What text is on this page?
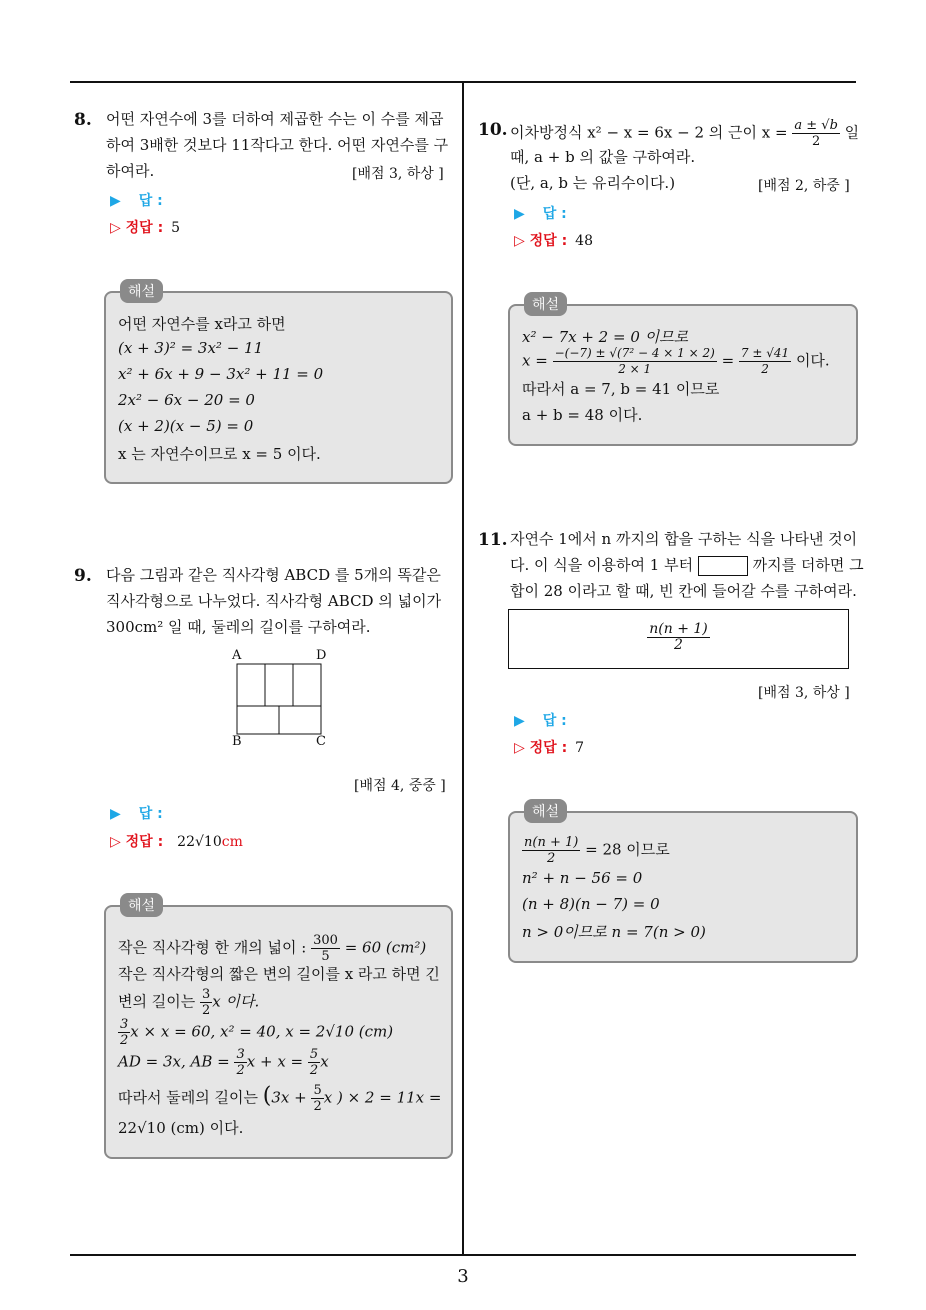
3
8. 어떤 자연수에 3를 더하여 제곱한 수는 이 수를 제곱
하여 3배한 것보다 11작다고 한다. 어떤 자연수를 구
하여라.	[배점 3, 하상 ]
▶ 답 :
▷ 정답 : 5
해설
어떤 자연수를 x라고 하면
(x + 3)² = 3x² − 11
x² + 6x + 9 − 3x² + 11 = 0
2x² − 6x − 20 = 0
(x + 2)(x − 5) = 0
x 는 자연수이므로 x = 5 이다.
9. 다음 그림과 같은 직사각형 ABCD 를 5개의 똑같은
직사각형으로 나누었다. 직사각형 ABCD 의 넓이가
300cm² 일 때, 둘레의 길이를 구하여라.
A	D
B	C
[배점 4, 중중 ]
▶ 답 :
▷ 정답 : 22√10cm
해설
작은 직사각형 한 개의 넓이 : $\frac{300}{5} = 60$ (cm²)
작은 직사각형의 짧은 변의 길이를 x 라고 하면 긴
변의 길이는 $\frac{3}{2}$ x 이다.
$\frac{3}{2}$ x × x = 60, x² = 40, x = 2√10 (cm)
AD = 3x, AB = $\frac{3}{2}$ $x + x = \frac{5}{2}$ x
따라서 둘레의 길이는 ($3x + \frac{5}{2}$ x ) × 2 = 11x =
22√10 (cm) 이다.
10. 이차방정식 x² − x = 6x − 2 의 근이 $x = \frac{a \pm √b}{2}$ 일
때, a + b 의 값을 구하여라.
(단, a, b 는 유리수이다.)	[배점 2, 하중 ]
▶ 답 :
▷ 정답 : 48
해설
x² − 7x + 2 = 0 이므로
$x = \frac{\text{−(−7) ± √(7² − 4 × 1 × 2)}}{2 \times 1} = \frac{7 \pm √41}{2}$ 이다.
따라서 a = 7, b = 41 이므로
a + b = 48 이다.
11. 자연수 1에서 n 까지의 합을 구하는 식을 나타낸 것이
다. 이 식을 이용하여 1 부터	까지를 더하면 그
합이 28 이라고 할 때, 빈 칸에 들어갈 수를 구하여라.
$\frac{n(n + 1)}{2}$
[배점 3, 하상 ]
▶ 답 :
▷ 정답 : 7
해설
$\frac{n(n + 1)}{2} = 28$ 이므로
n² + n − 56 = 0
(n + 8)(n − 7) = 0
n > 0이므로 n = 7(n > 0)
